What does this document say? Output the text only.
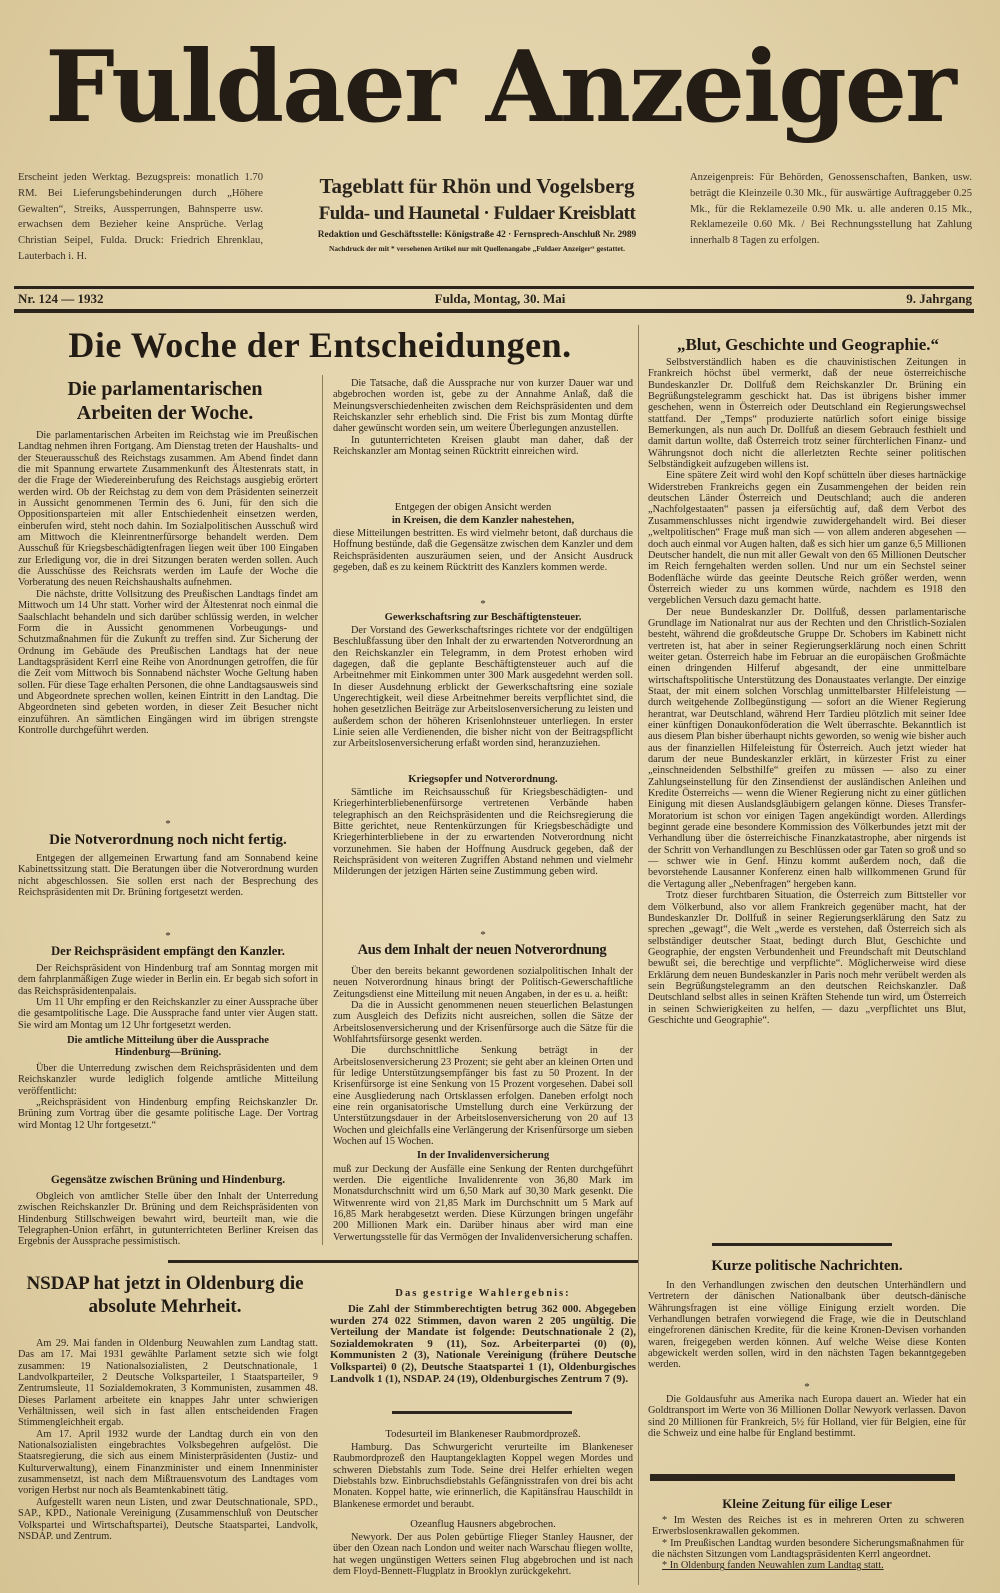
Fuldaer Anzeiger
Erscheint jeden Werktag. Bezugspreis: monatlich 1.70 RM. Bei Lieferungsbehinderungen durch „Höhere Gewalten“, Streiks, Aussperrungen, Bahnsperre usw. erwachsen dem Bezieher keine Ansprüche. Verlag Christian Seipel, Fulda. Druck: Friedrich Ehrenklau, Lauterbach i. H.
Tageblatt für Rhön und Vogelsberg
Fulda- und Haunetal · Fuldaer Kreisblatt
Redaktion und Geschäftsstelle: Königstraße 42 · Fernsprech-Anschluß Nr. 2989
Nachdruck der mit * versehenen Artikel nur mit Quellenangabe „Fuldaer Anzeiger“ gestattet.
Anzeigenpreis: Für Behörden, Genossenschaften, Banken, usw. beträgt die Kleinzeile 0.30 Mk., für auswärtige Auftraggeber 0.25 Mk., für die Reklamezeile 0.90 Mk. u. alle anderen 0.15 Mk., Reklamezeile 0.60 Mk. / Bei Rechnungsstellung hat Zahlung innerhalb 8 Tagen zu erfolgen.
Nr. 124 — 1932	Fulda, Montag, 30. Mai	9. Jahrgang
Die Woche der Entscheidungen.
Die parlamentarischen Arbeiten der Woche.

Die parlamentarischen Arbeiten im Reichstag wie im Preußischen Landtag nehmen ihren Fortgang. Am Dienstag treten der Haushalts- und der Steuerausschuß des Reichstags zusammen. Am Abend findet dann die mit Spannung erwartete Zusammenkunft des Ältestenrats statt, in der die Frage der Wiedereinberufung des Reichstags ausgiebig erörtert werden wird. Ob der Reichstag zu dem von dem Präsidenten seinerzeit in Aussicht genommenen Termin des 6. Juni, für den sich die Oppositionsparteien mit aller Entschiedenheit einsetzen werden, einberufen wird, steht noch dahin. Im Sozialpolitischen Ausschuß wird am Mittwoch die Kleinrentnerfürsorge behandelt werden. Dem Ausschuß für Kriegsbeschädigtenfragen liegen weit über 100 Eingaben zur Erledigung vor, die in drei Sitzungen beraten werden sollen. Auch die Ausschüsse des Reichsrats werden im Laufe der Woche die Vorberatung des neuen Reichshaushalts aufnehmen.

Die nächste, dritte Vollsitzung des Preußischen Landtags findet am Mittwoch um 14 Uhr statt. Vorher wird der Ältestenrat noch einmal die Saalschlacht behandeln und sich darüber schlüssig werden, in welcher Form die in Aussicht genommenen Vorbeugungs- und Schutzmaßnahmen für die Zukunft zu treffen sind. Zur Sicherung der Ordnung im Gebäude des Preußischen Landtags hat der neue Landtagspräsident Kerrl eine Reihe von Anordnungen getroffen, die für die Zeit vom Mittwoch bis Sonnabend nächster Woche Geltung haben sollen. Für diese Tage erhalten Personen, die ohne Landtagsausweis sind und Abgeordnete sprechen wollen, keinen Eintritt in den Landtag. Die Abgeordneten sind gebeten worden, in dieser Zeit Besucher nicht einzuführen. An sämtlichen Eingängen wird im übrigen strengste Kontrolle durchgeführt werden.

*
Die Notverordnung noch nicht fertig.

Entgegen der allgemeinen Erwartung fand am Sonnabend keine Kabinettssitzung statt. Die Beratungen über die Notverordnung wurden nicht abgeschlossen. Sie sollen erst nach der Besprechung des Reichspräsidenten mit Dr. Brüning fortgesetzt werden.

*
Der Reichspräsident empfängt den Kanzler.

Der Reichspräsident von Hindenburg traf am Sonntag morgen mit dem fahrplanmäßigen Zuge wieder in Berlin ein. Er begab sich sofort in das Reichspräsidentenpalais.

Um 11 Uhr empfing er den Reichskanzler zu einer Aussprache über die gesamtpolitische Lage. Die Aussprache fand unter vier Augen statt. Sie wird am Montag um 12 Uhr fortgesetzt werden.

Die amtliche Mitteilung über die Aussprache Hindenburg—Brüning.

Über die Unterredung zwischen dem Reichspräsidenten und dem Reichskanzler wurde lediglich folgende amtliche Mitteilung veröffentlicht:

„Reichspräsident von Hindenburg empfing Reichskanzler Dr. Brüning zum Vortrag über die gesamte politische Lage. Der Vortrag wird Montag 12 Uhr fortgesetzt.“

Gegensätze zwischen Brüning und Hindenburg.

Obgleich von amtlicher Stelle über den Inhalt der Unterredung zwischen Reichskanzler Dr. Brüning und dem Reichspräsidenten von Hindenburg Stillschweigen bewahrt wird, beurteilt man, wie die Telegraphen-Union erfährt, in gutunterrichteten Berliner Kreisen das Ergebnis der Aussprache pessimistisch.

NSDAP hat jetzt in Oldenburg die absolute Mehrheit.

Am 29. Mai fanden in Oldenburg Neuwahlen zum Landtag statt. Das am 17. Mai 1931 gewählte Parlament setzte sich wie folgt zusammen: 19 Nationalsozialisten, 2 Deutschnationale, 1 Landvolkparteiler, 2 Deutsche Volksparteiler, 1 Staatsparteiler, 9 Zentrumsleute, 11 Sozialdemokraten, 3 Kommunisten, zusammen 48. Dieses Parlament arbeitete ein knappes Jahr unter schwierigen Verhältnissen, weil sich in fast allen entscheidenden Fragen Stimmengleichheit ergab.

Am 17. April 1932 wurde der Landtag durch ein von den Nationalsozialisten eingebrachtes Volksbegehren aufgelöst. Die Staatsregierung, die sich aus einem Ministerpräsidenten (Justiz- und Kulturverwaltung), einem Finanzminister und einem Innenminister zusammensetzt, ist nach dem Mißtrauensvotum des Landtages vom vorigen Herbst nur noch als Beamtenkabinett tätig.

Aufgestellt waren neun Listen, und zwar Deutschnationale, SPD., SAP., KPD., Nationale Vereinigung (Zusammenschluß von Deutscher Volkspartei und Wirtschaftspartei), Deutsche Staatspartei, Landvolk, NSDAP. und Zentrum.

Die Tatsache, daß die Aussprache nur von kurzer Dauer war und abgebrochen worden ist, gebe zu der Annahme Anlaß, daß die Meinungsverschiedenheiten zwischen dem Reichspräsidenten und dem Reichskanzler sehr erheblich sind. Die Frist bis zum Montag dürfte daher gewünscht worden sein, um weitere Überlegungen anzustellen.

In gutunterrichteten Kreisen glaubt man daher, daß der Reichskanzler am Montag seinen Rücktritt einreichen wird.

Entgegen der obigen Ansicht werden
in Kreisen, die dem Kanzler nahestehen,

diese Mitteilungen bestritten. Es wird vielmehr betont, daß durchaus die Hoffnung bestünde, daß die Gegensätze zwischen dem Kanzler und dem Reichspräsidenten auszuräumen seien, und der Ansicht Ausdruck gegeben, daß es zu keinem Rücktritt des Kanzlers kommen werde.

*
Gewerkschaftsring zur Beschäftigtensteuer.

Der Vorstand des Gewerkschaftsringes richtete vor der endgültigen Beschlußfassung über den Inhalt der zu erwartenden Notverordnung an den Reichskanzler ein Telegramm, in dem Protest erhoben wird dagegen, daß die geplante Beschäftigtensteuer auch auf die Arbeitnehmer mit Einkommen unter 300 Mark ausgedehnt werden soll. In dieser Ausdehnung erblickt der Gewerkschaftsring eine soziale Ungerechtigkeit, weil diese Arbeitnehmer bereits verpflichtet sind, die hohen gesetzlichen Beiträge zur Arbeitslosenversicherung zu leisten und außerdem schon der höheren Krisenlohnsteuer unterliegen. In erster Linie seien alle Verdienenden, die bisher nicht von der Beitragspflicht zur Arbeitslosenversicherung erfaßt worden sind, heranzuziehen.

Kriegsopfer und Notverordnung.

Sämtliche im Reichsausschuß für Kriegsbeschädigten- und Kriegerhinterbliebenenfürsorge vertretenen Verbände haben telegraphisch an den Reichspräsidenten und die Reichsregierung die Bitte gerichtet, neue Rentenkürzungen für Kriegsbeschädigte und Kriegerhinterbliebene in der zu erwartenden Notverordnung nicht vorzunehmen. Sie haben der Hoffnung Ausdruck gegeben, daß der Reichspräsident von weiteren Zugriffen Abstand nehmen und vielmehr Milderungen der jetzigen Härten seine Zustimmung geben wird.

*
Aus dem Inhalt der neuen Notverordnung

Über den bereits bekannt gewordenen sozialpolitischen Inhalt der neuen Notverordnung hinaus bringt der Politisch-Gewerschaftliche Zeitungsdienst eine Mitteilung mit neuen Angaben, in der es u. a. heißt:

Da die in Aussicht genommenen neuen steuerlichen Belastungen zum Ausgleich des Defizits nicht ausreichen, sollen die Sätze der Arbeitslosenversicherung und der Krisenfürsorge auch die Sätze für die Wohlfahrtsfürsorge gesenkt werden.

Die durchschnittliche Senkung beträgt in der Arbeitslosenversicherung 23 Prozent; sie geht aber an kleinen Orten und für ledige Unterstützungsempfänger bis fast zu 50 Prozent. In der Krisenfürsorge ist eine Senkung von 15 Prozent vorgesehen. Dabei soll eine Ausgliederung nach Ortsklassen erfolgen. Daneben erfolgt noch eine rein organisatorische Umstellung durch eine Verkürzung der Unterstützungsdauer in der Arbeitslosenversicherung von 20 auf 13 Wochen und gleichfalls eine Verlängerung der Krisenfürsorge um sieben Wochen auf 15 Wochen.

In der Invalidenversicherung

muß zur Deckung der Ausfälle eine Senkung der Renten durchgeführt werden. Die eigentliche Invalidenrente von 36,80 Mark im Monatsdurchschnitt wird um 6,50 Mark auf 30,30 Mark gesenkt. Die Witwenrente wird von 21,85 Mark im Durchschnitt um 5 Mark auf 16,85 Mark herabgesetzt werden. Diese Kürzungen bringen ungefähr 200 Millionen Mark ein. Darüber hinaus aber wird man eine Verwertungsstelle für das Vermögen der Invalidenversicherung schaffen.

Das gestrige Wahlergebnis:

Die Zahl der Stimmberechtigten betrug 362 000. Abgegeben wurden 274 022 Stimmen, davon waren 2 205 ungültig. Die Verteilung der Mandate ist folgende: Deutschnationale 2 (2), Sozialdemokraten 9 (11), Soz. Arbeiterpartei (0) (0), Kommunisten 2 (3), Nationale Vereinigung (frühere Deutsche Volkspartei) 0 (2), Deutsche Staatspartei 1 (1), Oldenburgisches Landvolk 1 (1), NSDAP. 24 (19), Oldenburgisches Zentrum 7 (9).

Todesurteil im Blankeneser Raubmordprozeß.

Hamburg. Das Schwurgericht verurteilte im Blankeneser Raubmordprozeß den Hauptangeklagten Koppel wegen Mordes und schweren Diebstahls zum Tode. Seine drei Helfer erhielten wegen Diebstahls bzw. Einbruchsdiebstahls Gefängnisstrafen von drei bis acht Monaten. Koppel hatte, wie erinnerlich, die Kapitänsfrau Hauschildt in Blankenese ermordet und beraubt.

Ozeanflug Hausners abgebrochen.

Newyork. Der aus Polen gebürtige Flieger Stanley Hausner, der über den Ozean nach London und weiter nach Warschau fliegen wollte, hat wegen ungünstigen Wetters seinen Flug abgebrochen und ist nach dem Floyd-Bennett-Flugplatz in Brooklyn zurückgekehrt.

„Blut, Geschichte und Geographie.“

Selbstverständlich haben es die chauvinistischen Zeitungen in Frankreich höchst übel vermerkt, daß der neue österreichische Bundeskanzler Dr. Dollfuß dem Reichskanzler Dr. Brüning ein Begrüßungstelegramm geschickt hat. Das ist übrigens bisher immer geschehen, wenn in Österreich oder Deutschland ein Regierungswechsel stattfand. Der „Temps“ produzierte natürlich sofort einige bissige Bemerkungen, als nun auch Dr. Dollfuß an diesem Gebrauch festhielt und damit dartun wollte, daß Österreich trotz seiner fürchterlichen Finanz- und Währungsnot doch nicht die allerletzten Rechte seiner politischen Selbständigkeit aufzugeben willens ist.

Eine spätere Zeit wird wohl den Kopf schütteln über dieses hartnäckige Widerstreben Frankreichs gegen ein Zusammengehen der beiden rein deutschen Länder Österreich und Deutschland; auch die anderen „Nachfolgestaaten“ passen ja eifersüchtig auf, daß dem Verbot des Zusammenschlusses nicht irgendwie zuwidergehandelt wird. Bei dieser „weltpolitischen“ Frage muß man sich — von allem anderen abgesehen — doch auch einmal vor Augen halten, daß es sich hier um ganze 6,5 Millionen Deutscher handelt, die nun mit aller Gewalt von den 65 Millionen Deutscher im Reich ferngehalten werden sollen. Und nur um ein Sechstel seiner Bodenfläche würde das geeinte Deutsche Reich größer werden, wenn Österreich wieder zu uns kommen würde, nachdem es 1918 den vergeblichen Versuch dazu gemacht hatte.

Der neue Bundeskanzler Dr. Dollfuß, dessen parlamentarische Grundlage im Nationalrat nur aus der Rechten und den Christlich-Sozialen besteht, während die großdeutsche Gruppe Dr. Schobers im Kabinett nicht vertreten ist, hat aber in seiner Regierungserklärung noch einen Schritt weiter getan. Österreich habe im Februar an die europäischen Großmächte einen dringenden Hilferuf abgesandt, der eine unmittelbare wirtschaftspolitische Unterstützung des Donaustaates verlangte. Der einzige Staat, der mit einem solchen Vorschlag unmittelbarster Hilfeleistung — durch weitgehende Zollbegünstigung — sofort an die Wiener Regierung herantrat, war Deutschland, während Herr Tardieu plötzlich mit seiner Idee einer künftigen Donaukonföderation die Welt überraschte. Bekanntlich ist aus diesem Plan bisher überhaupt nichts geworden, so wenig wie bisher auch aus der finanziellen Hilfeleistung für Österreich. Auch jetzt wieder hat darum der neue Bundeskanzler erklärt, in kürzester Frist zu einer „einschneidenden Selbsthilfe“ greifen zu müssen — also zu einer Zahlungseinstellung für den Zinsendienst der ausländischen Anleihen und Kredite Österreichs — wenn die Wiener Regierung nicht zu einer gütlichen Einigung mit diesen Auslandsgläubigern gelangen könne. Dieses Transfer-Moratorium ist schon vor einigen Tagen angekündigt worden. Allerdings beginnt gerade eine besondere Kommission des Völkerbundes jetzt mit der Verhandlung über die österreichische Finanzkatastrophe, aber nirgends ist der Schritt von Verhandlungen zu Beschlüssen oder gar Taten so groß und so — schwer wie in Genf. Hinzu kommt außerdem noch, daß die bevorstehende Lausanner Konferenz einen halb willkommenen Grund für die Vertagung aller „Nebenfragen“ hergeben kann.

Trotz dieser furchtbaren Situation, die Österreich zum Bittsteller vor dem Völkerbund, also vor allem Frankreich gegenüber macht, hat der Bundeskanzler Dr. Dollfuß in seiner Regierungserklärung den Satz zu sprechen „gewagt“, die Welt „werde es verstehen, daß Österreich sich als selbständiger deutscher Staat, bedingt durch Blut, Geschichte und Geographie, der engsten Verbundenheit und Freundschaft mit Deutschland bewußt sei, die berechtige und verpflichte“. Möglicherweise wird diese Erklärung dem neuen Bundeskanzler in Paris noch mehr verübelt werden als sein Begrüßungstelegramm an den deutschen Reichskanzler. Daß Deutschland selbst alles in seinen Kräften Stehende tun wird, um Österreich in seinen Schwierigkeiten zu helfen, — dazu „verpflichtet uns Blut, Geschichte und Geographie“.

Kurze politische Nachrichten.

In den Verhandlungen zwischen den deutschen Unterhändlern und Vertretern der dänischen Nationalbank über deutsch-dänische Währungsfragen ist eine völlige Einigung erzielt worden. Die Verhandlungen betrafen vorwiegend die Frage, wie die in Deutschland eingefrorenen dänischen Kredite, für die keine Kronen-Devisen vorhanden waren, freigegeben werden können. Auf welche Weise diese Konten abgewickelt werden sollen, wird in den nächsten Tagen bekanntgegeben werden.

*

Die Goldausfuhr aus Amerika nach Europa dauert an. Wieder hat ein Goldtransport im Werte von 36 Millionen Dollar Newyork verlassen. Davon sind 20 Millionen für Frankreich, 5½ für Holland, vier für Belgien, eine für die Schweiz und eine halbe für England bestimmt.

Kleine Zeitung für eilige Leser

* Im Westen des Reiches ist es in mehreren Orten zu schweren Erwerbslosenkrawallen gekommen.

* Im Preußischen Landtag wurden besondere Sicherungsmaßnahmen für die nächsten Sitzungen vom Landtagspräsidenten Kerrl angeordnet.

* In Oldenburg fanden Neuwahlen zum Landtag statt.
